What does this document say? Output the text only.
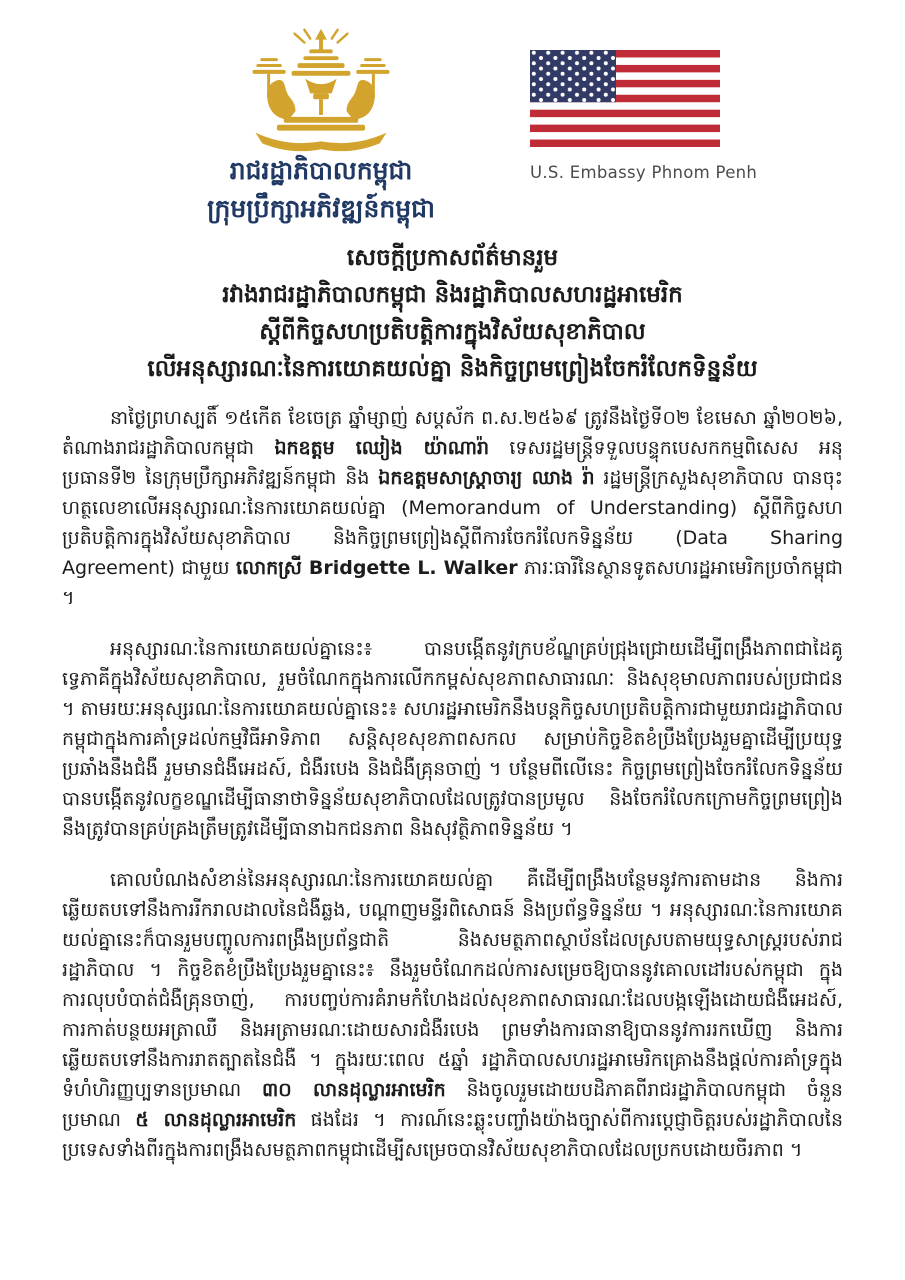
រាជរដ្ឋាភិបាលកម្ពុជា
ក្រុមប្រឹក្សាអភិវឌ្ឍន៍កម្ពុជា
U.S. Embassy Phnom Penh
សេចក្ដីប្រកាសព័ត៌មានរួម
រវាងរាជរដ្ឋាភិបាលកម្ពុជា និងរដ្ឋាភិបាលសហរដ្ឋអាមេរិក
ស្ដីពីកិច្ចសហប្រតិបត្តិការក្នុងវិស័យសុខាភិបាល
លើអនុស្សារណៈនៃការយោគយល់គ្នា និងកិច្ចព្រមព្រៀងចែករំលែកទិន្នន័យ

នាថ្ងៃព្រហស្បតិ៍ ១៥កើត ខែចេត្រ ឆ្នាំម្សាញ់ សប្តស័ក ព.ស.២៥៦៩ ត្រូវនឹងថ្ងៃទី០២ ខែមេសា ឆ្នាំ២០២៦, តំណាងរាជរដ្ឋាភិបាលកម្ពុជា ឯកឧត្តម ឈៀង យ៉ាណារ៉ា ទេសរដ្ឋមន្ត្រីទទួលបន្ទុកបេសកកម្មពិសេស អនុប្រធានទី២ នៃក្រុមប្រឹក្សាអភិវឌ្ឍន៍កម្ពុជា និង ឯកឧត្តមសាស្ត្រាចារ្យ ឈាង រ៉ា រដ្ឋមន្ត្រីក្រសួងសុខាភិបាល បានចុះហត្ថលេខាលើអនុស្សារណៈនៃការយោគយល់គ្នា (Memorandum of Understanding) ស្តីពីកិច្ចសហប្រតិបត្តិការក្នុងវិស័យសុខាភិបាល និងកិច្ចព្រមព្រៀងស្តីពីការចែករំលែកទិន្នន័យ (Data Sharing Agreement) ជាមួយ លោកស្រី Bridgette L. Walker ភារៈធារីនៃស្ថានទូតសហរដ្ឋអាមេរិកប្រចាំកម្ពុជា ។

អនុស្សារណៈនៃការយោគយល់គ្នានេះ៖ បានបង្កើតនូវក្របខ័ណ្ឌគ្រប់ជ្រុងជ្រោយដើម្បីពង្រឹងភាពជាដៃគូទ្វេភាគីក្នុងវិស័យសុខាភិបាល, រួមចំណែកក្នុងការលើកកម្ពស់សុខភាពសាធារណៈ និងសុខុមាលភាពរបស់ប្រជាជន ។ តាមរយៈអនុស្សរណៈនៃការយោគយល់គ្នានេះ៖ សហរដ្ឋអាមេរិកនឹងបន្តកិច្ចសហប្រតិបត្តិការជាមួយរាជរដ្ឋាភិបាលកម្ពុជាក្នុងការគាំទ្រដល់កម្មវិធីអាទិភាព សន្តិសុខសុខភាពសកល សម្រាប់កិច្ចខិតខំប្រឹងប្រែងរួមគ្នាដើម្បីប្រយុទ្ធប្រឆាំងនឹងជំងឺ រួមមានជំងឺអេដស៍, ជំងឺរបេង និងជំងឺគ្រុនចាញ់ ។ បន្ថែមពីលើនេះ កិច្ចព្រមព្រៀងចែករំលែកទិន្នន័យ បានបង្កើតនូវលក្ខខណ្ឌដើម្បីធានាថាទិន្នន័យសុខាភិបាលដែលត្រូវបានប្រមូល និងចែករំលែកក្រោមកិច្ចព្រមព្រៀងនឹងត្រូវបានគ្រប់គ្រងត្រឹមត្រូវដើម្បីធានាឯកជនភាព និងសុវត្ថិភាពទិន្នន័យ ។

គោលបំណងសំខាន់នៃអនុស្សារណៈនៃការយោគយល់គ្នា គឺដើម្បីពង្រឹងបន្ថែមនូវការតាមដាន និងការឆ្លើយតបទៅនឹងការរីករាលដាលនៃជំងឺឆ្លង, បណ្ដាញមន្ទីរពិសោធន៍ និងប្រព័ន្ធទិន្នន័យ ។ អនុស្សារណៈនៃការយោគយល់គ្នានេះក៏បានរួមបញ្ចូលការពង្រឹងប្រព័ន្ធជាតិ និងសមត្ថភាពស្ថាប័នដែលស្របតាមយុទ្ធសាស្ត្ររបស់រាជរដ្ឋាភិបាល ។ កិច្ចខិតខំប្រឹងប្រែងរួមគ្នានេះ៖ នឹងរួមចំណែកដល់ការសម្រេចឱ្យបាននូវគោលដៅរបស់កម្ពុជា ក្នុងការលុបបំបាត់ជំងឺគ្រុនចាញ់, ការបញ្ចប់ការគំរាមកំហែងដល់សុខភាពសាធារណៈដែលបង្កឡើងដោយជំងឺអេដស៍, ការកាត់បន្ថយអត្រាឈឺ និងអត្រាមរណៈដោយសារជំងឺរបេង ព្រមទាំងការធានាឱ្យបាននូវការរកឃើញ និងការឆ្លើយតបទៅនឹងការរាតត្បាតនៃជំងឺ ។ ក្នុងរយៈពេល ៥ឆ្នាំ រដ្ឋាភិបាលសហរដ្ឋអាមេរិកគ្រោងនឹងផ្តល់ការគាំទ្រក្នុងទំហំហិរញ្ញប្បទានប្រមាណ ៣០ លានដុល្លារអាមេរិក និងចូលរួមដោយបដិភាគពីរាជរដ្ឋាភិបាលកម្ពុជា ចំនួនប្រមាណ ៥ លានដុល្លារអាមេរិក ផងដែរ ។ ការណ៍នេះឆ្លុះបញ្ចាំងយ៉ាងច្បាស់ពីការប្តេជ្ញាចិត្តរបស់រដ្ឋាភិបាលនៃប្រទេសទាំងពីរក្នុងការពង្រឹងសមត្ថភាពកម្ពុជាដើម្បីសម្រេចបានវិស័យសុខាភិបាលដែលប្រកបដោយចីរភាព ។
